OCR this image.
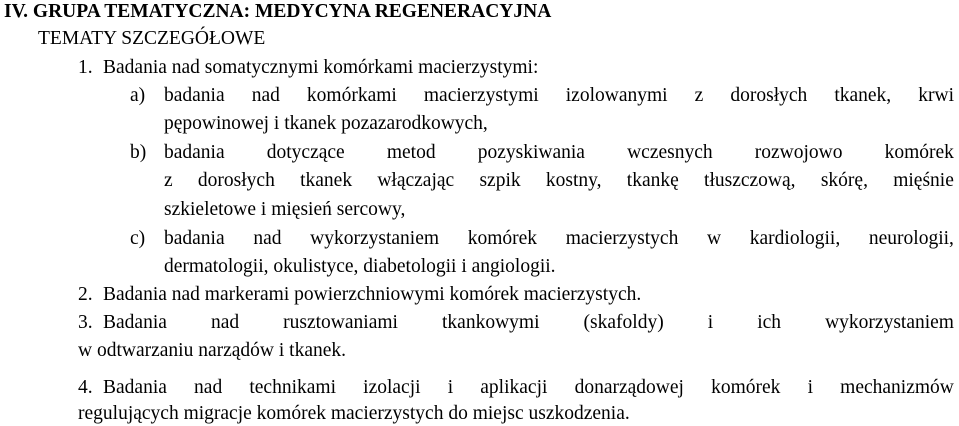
IV. GRUPA TEMATYCZNA: MEDYCYNA REGENERACYJNA
TEMATY SZCZEGÓŁOWE
1. Badania nad somatycznymi komórkami macierzystymi:
a) badania nad komórkami macierzystymi izolowanymi z dorosłych tkanek, krwi
pępowinowej i tkanek pozazarodkowych,
b) badania dotyczące metod pozyskiwania wczesnych rozwojowo komórek
z dorosłych tkanek włączając szpik kostny, tkankę tłuszczową, skórę, mięśnie
szkieletowe i mięsień sercowy,
c) badania nad wykorzystaniem komórek macierzystych w kardiologii, neurologii,
dermatologii, okulistyce, diabetologii i angiologii.
2. Badania nad markerami powierzchniowymi komórek macierzystych.
3. Badania nad rusztowaniami tkankowymi (skafoldy) i ich wykorzystaniem
w odtwarzaniu narządów i tkanek.
4. Badania nad technikami izolacji i aplikacji donarządowej komórek i mechanizmów
regulujących migracje komórek macierzystych do miejsc uszkodzenia.
